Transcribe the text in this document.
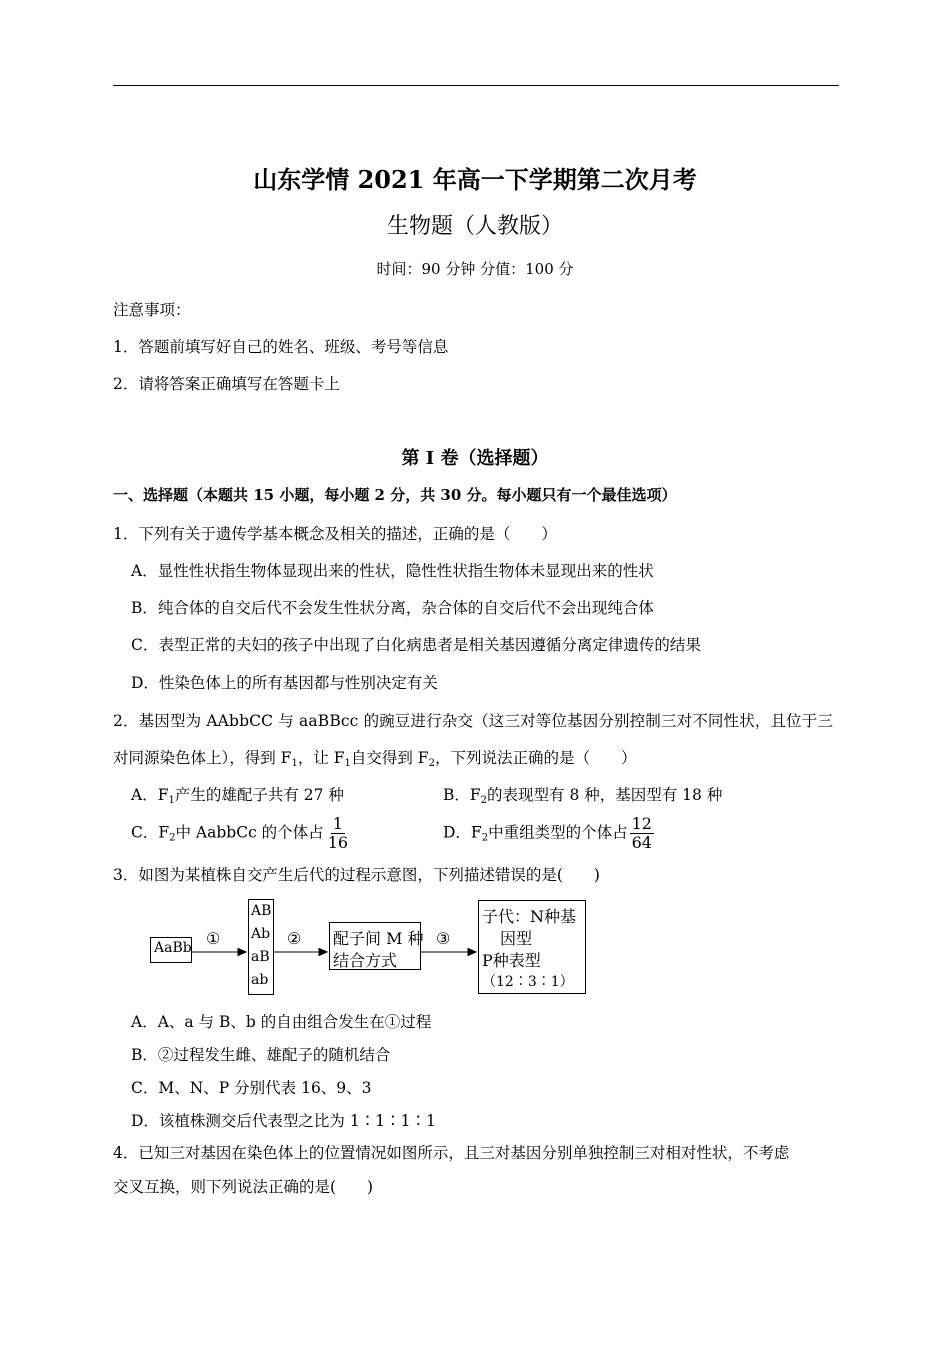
山东学情 2021 年高一下学期第二次月考
生物题（人教版）
时间：90 分钟 分值：100 分
注意事项：
1．答题前填写好自己的姓名、班级、考号等信息
2．请将答案正确填写在答题卡上
第 I 卷（选择题）
一、选择题（本题共 15 小题，每小题 2 分，共 30 分。每小题只有一个最佳选项）
1．下列有关于遗传学基本概念及相关的描述，正确的是（　　）
A．显性性状指生物体显现出来的性状，隐性性状指生物体未显现出来的性状
B．纯合体的自交后代不会发生性状分离，杂合体的自交后代不会出现纯合体
C．表型正常的夫妇的孩子中出现了白化病患者是相关基因遵循分离定律遗传的结果
D．性染色体上的所有基因都与性别决定有关
2．基因型为 AAbbCC 与 aaBBcc 的豌豆进行杂交（这三对等位基因分别控制三对不同性状，且位于三
对同源染色体上），得到 $F_1$，让 $F_1$自交得到 $F_2$，下列说法正确的是（　　）
A．$F_1$产生的雄配子共有 27 种	B．$F_2$的表现型有 8 种，基因型有 18 种
C．$F_2$中 AabbCc 的个体占 $\frac{1}{16}$	D．$F_2$中重组类型的个体占 $\frac{12}{64}$
3．如图为某植株自交产生后代的过程示意图，下列描述错误的是(　　)
AaBb
AB
Ab
aB
ab
配子间 M 种
结合方式
子代：N种基
因型
P种表型
（12∶3∶1）
①	②	③
A．A、a 与 B、b 的自由组合发生在①过程
B．②过程发生雌、雄配子的随机结合
C．M、N、P 分别代表 16、9、3
D．该植株测交后代表型之比为 1∶1∶1∶1
4．已知三对基因在染色体上的位置情况如图所示，且三对基因分别单独控制三对相对性状，不考虑
交叉互换，则下列说法正确的是(　　)
